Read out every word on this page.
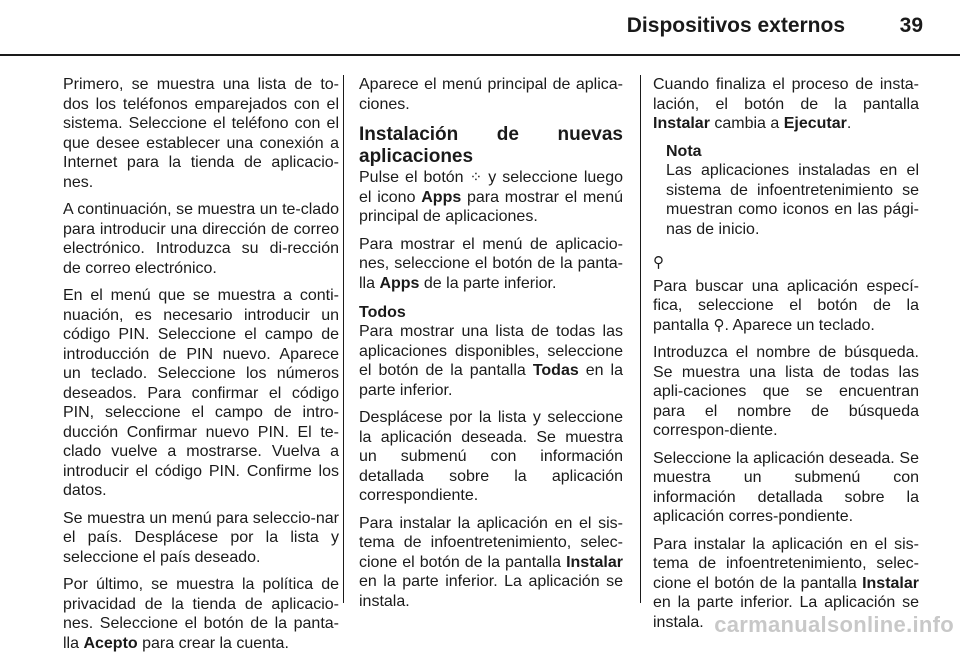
Dispositivos externos	39

Primero, se muestra una lista de to-dos los teléfonos emparejados con el sistema. Seleccione el teléfono con el que desee establecer una conexión a Internet para la tienda de aplicacio-nes.

A continuación, se muestra un te-clado para introducir una dirección de correo electrónico. Introduzca su di-rección de correo electrónico.

En el menú que se muestra a conti-nuación, es necesario introducir un código PIN. Seleccione el campo de introducción de PIN nuevo. Aparece un teclado. Seleccione los números deseados. Para confirmar el código PIN, seleccione el campo de intro-ducción Confirmar nuevo PIN. El te-clado vuelve a mostrarse. Vuelva a introducir el código PIN. Confirme los datos.

Se muestra un menú para seleccio-nar el país. Desplácese por la lista y seleccione el país deseado.

Por último, se muestra la política de privacidad de la tienda de aplicacio-nes. Seleccione el botón de la panta-lla Acepto para crear la cuenta.

Aparece el menú principal de aplica-ciones.

Instalación de nuevas aplicaciones

Pulse el botón ⁘ y seleccione luego el icono Apps para mostrar el menú principal de aplicaciones.

Para mostrar el menú de aplicacio-nes, seleccione el botón de la panta-lla Apps de la parte inferior.

Todos

Para mostrar una lista de todas las aplicaciones disponibles, seleccione el botón de la pantalla Todas en la parte inferior.

Desplácese por la lista y seleccione la aplicación deseada. Se muestra un submenú con información detallada sobre la aplicación correspondiente.

Para instalar la aplicación en el sis-tema de infoentretenimiento, selec-cione el botón de la pantalla Instalar en la parte inferior. La aplicación se instala.

Cuando finaliza el proceso de insta-lación, el botón de la pantalla Instalar cambia a Ejecutar.

Nota
Las aplicaciones instaladas en el sistema de infoentretenimiento se muestran como iconos en las pági-nas de inicio.

⚲

Para buscar una aplicación especí-fica, seleccione el botón de la pantalla ⚲. Aparece un teclado.

Introduzca el nombre de búsqueda. Se muestra una lista de todas las apli-caciones que se encuentran para el nombre de búsqueda correspon-diente.

Seleccione la aplicación deseada. Se muestra un submenú con información detallada sobre la aplicación corres-pondiente.

Para instalar la aplicación en el sis-tema de infoentretenimiento, selec-cione el botón de la pantalla Instalar en la parte inferior. La aplicación se instala. carmanualsonline.info
